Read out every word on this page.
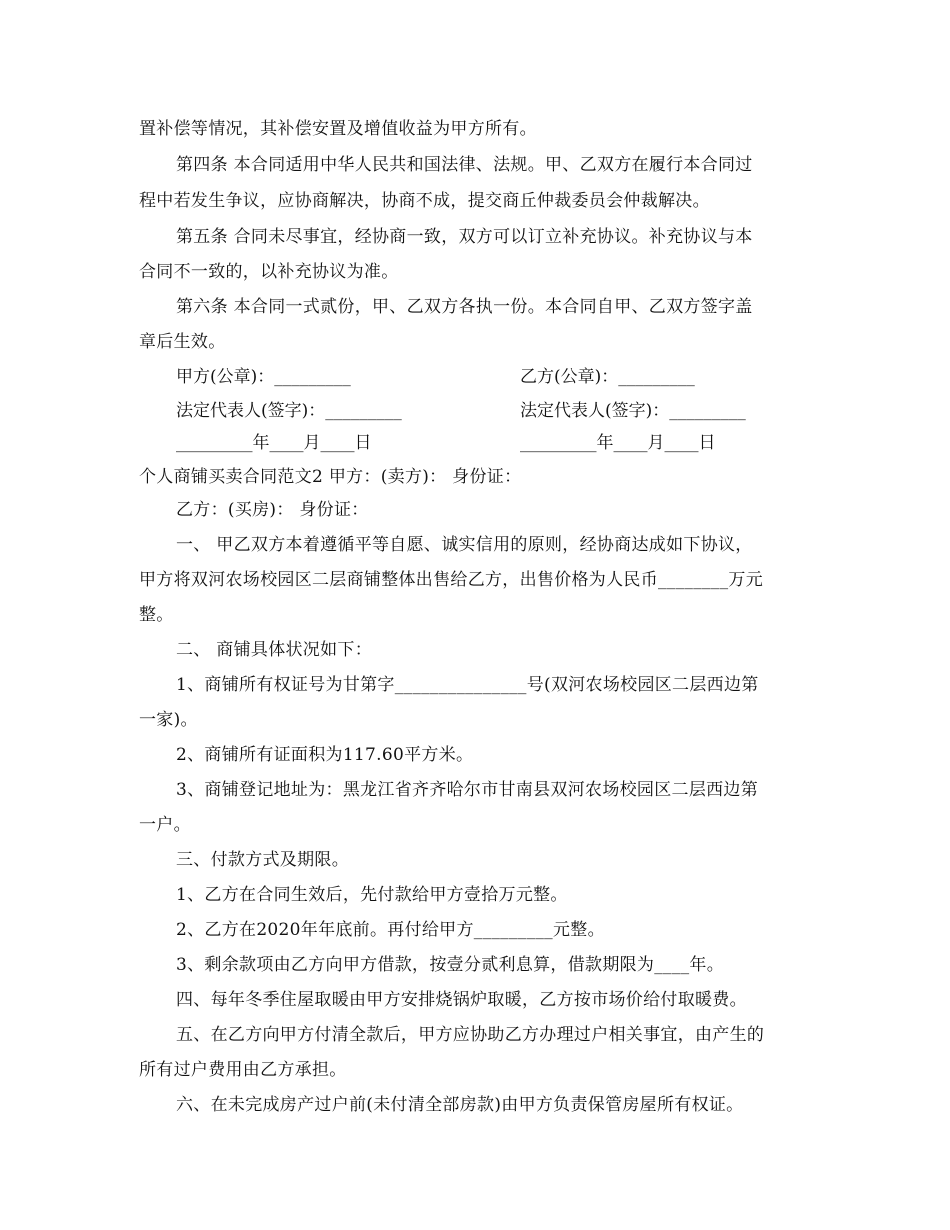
置补偿等情况，其补偿安置及增值收益为甲方所有。
第四条 本合同适用中华人民共和国法律、法规。甲、乙双方在履行本合同过
程中若发生争议，应协商解决，协商不成，提交商丘仲裁委员会仲裁解决。
第五条 合同未尽事宜，经协商一致，双方可以订立补充协议。补充协议与本
合同不一致的，以补充协议为准。
第六条 本合同一式贰份，甲、乙双方各执一份。本合同自甲、乙双方签字盖
章后生效。
甲方(公章)：_________	乙方(公章)：_________
法定代表人(签字)：_________	法定代表人(签字)：_________
_________年____月____日	_________年____月____日
个人商铺买卖合同范文2 甲方：(卖方)： 身份证：
乙方：(买房)： 身份证：
一、 甲乙双方本着遵循平等自愿、诚实信用的原则，经协商达成如下协议，
甲方将双河农场校园区二层商铺整体出售给乙方，出售价格为人民币________万元
整。
二、 商铺具体状况如下：
1、商铺所有权证号为甘第字_______________号(双河农场校园区二层西边第
一家)。
2、商铺所有证面积为117.60平方米。
3、商铺登记地址为：黑龙江省齐齐哈尔市甘南县双河农场校园区二层西边第
一户。
三、付款方式及期限。
1、乙方在合同生效后，先付款给甲方壹拾万元整。
2、乙方在2020年年底前。再付给甲方_________元整。
3、剩余款项由乙方向甲方借款，按壹分贰利息算，借款期限为____年。
四、每年冬季住屋取暖由甲方安排烧锅炉取暖，乙方按市场价给付取暖费。
五、在乙方向甲方付清全款后，甲方应协助乙方办理过户相关事宜，由产生的
所有过户费用由乙方承担。
六、在未完成房产过户前(未付清全部房款)由甲方负责保管房屋所有权证。
